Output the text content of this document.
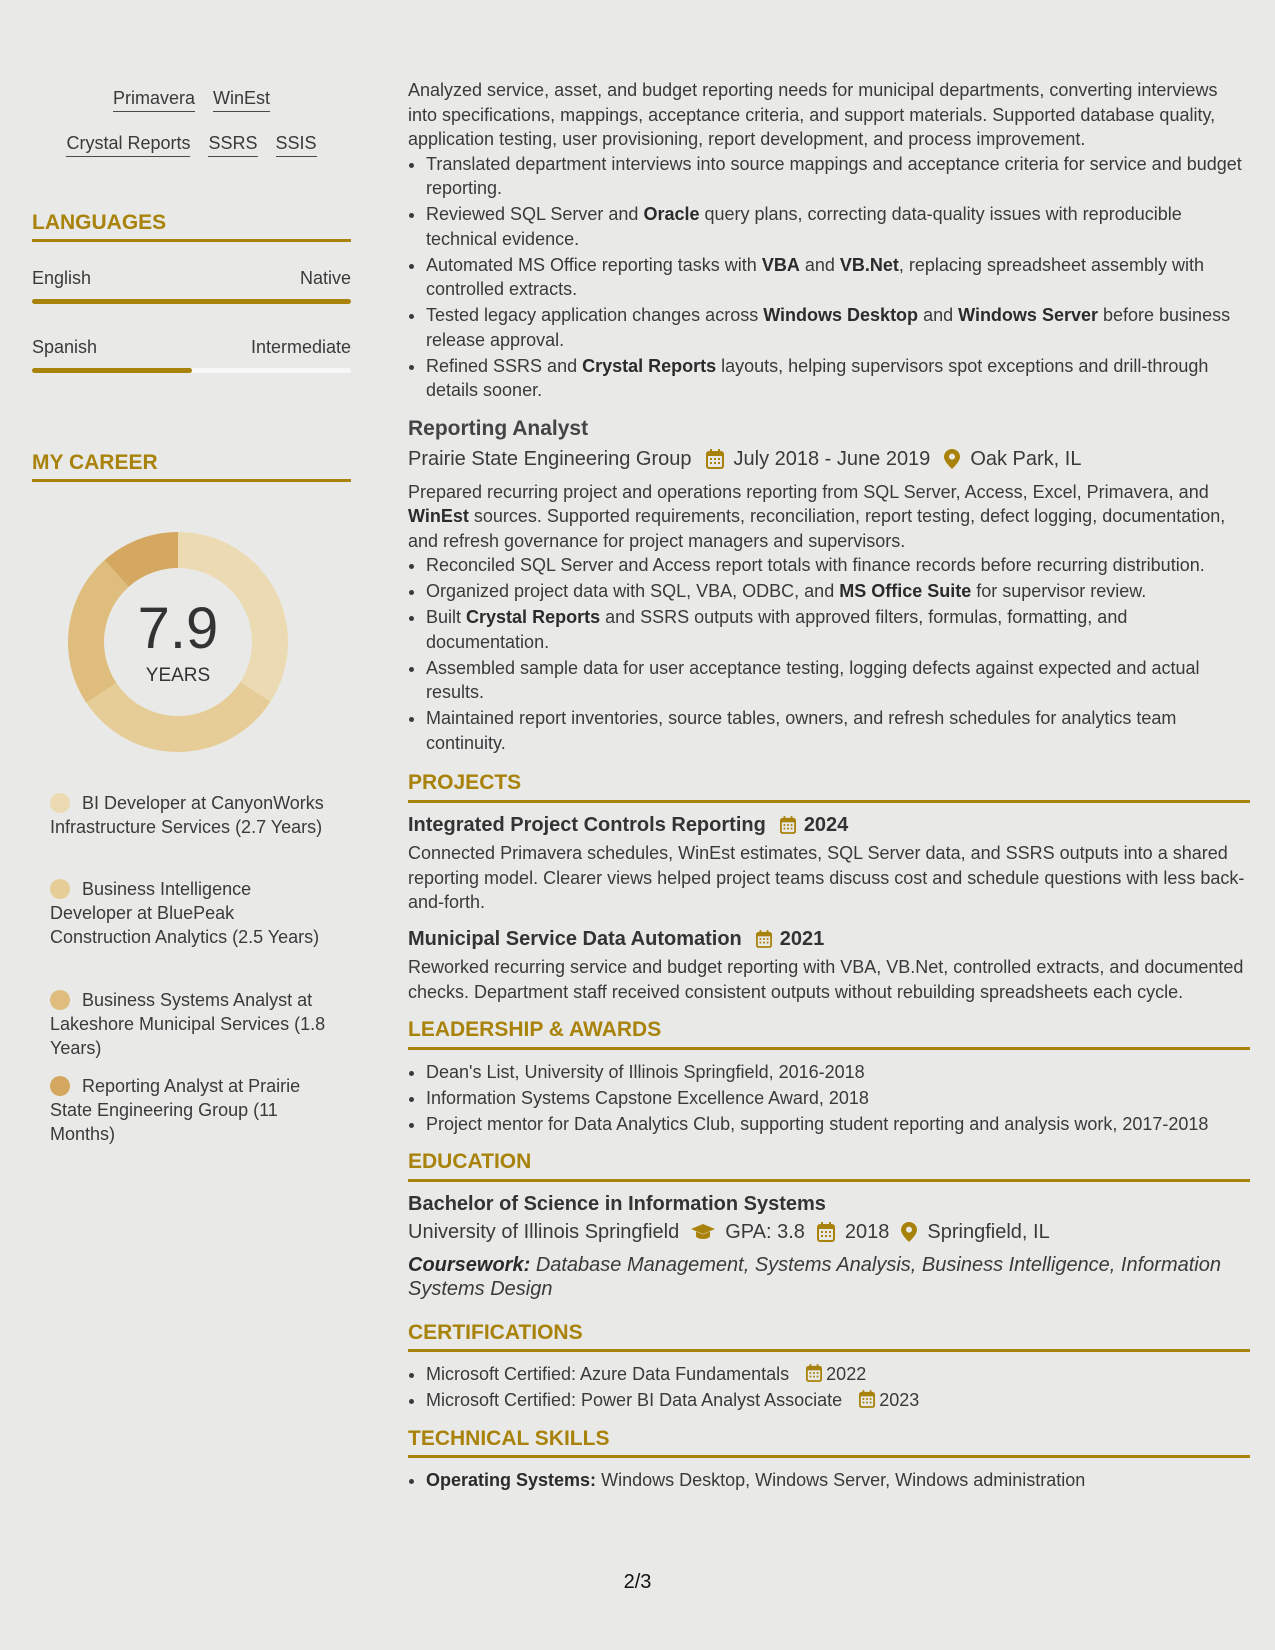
Primavera WinEst
Crystal Reports SSRS SSIS
LANGUAGES
English	Native
Spanish	Intermediate
MY CAREER
7.9
YEARS
BI Developer at CanyonWorks Infrastructure Services (2.7 Years)
Business Intelligence Developer at BluePeak Construction Analytics (2.5 Years)
Business Systems Analyst at Lakeshore Municipal Services (1.8 Years)
Reporting Analyst at Prairie State Engineering Group (11 Months)

Analyzed service, asset, and budget reporting needs for municipal departments, converting interviews into specifications, mappings, acceptance criteria, and support materials. Supported database quality, application testing, user provisioning, report development, and process improvement.

• Translated department interviews into source mappings and acceptance criteria for service and budget reporting.
• Reviewed SQL Server and Oracle query plans, correcting data-quality issues with reproducible technical evidence.
• Automated MS Office reporting tasks with VBA and VB.Net, replacing spreadsheet assembly with controlled extracts.
• Tested legacy application changes across Windows Desktop and Windows Server before business release approval.
• Refined SSRS and Crystal Reports layouts, helping supervisors spot exceptions and drill-through details sooner.
Reporting Analyst
Prairie State Engineering Group July 2018 - June 2019 Oak Park, IL

Prepared recurring project and operations reporting from SQL Server, Access, Excel, Primavera, and WinEst sources. Supported requirements, reconciliation, report testing, defect logging, documentation, and refresh governance for project managers and supervisors.

• Reconciled SQL Server and Access report totals with finance records before recurring distribution.
• Organized project data with SQL, VBA, ODBC, and MS Office Suite for supervisor review.
• Built Crystal Reports and SSRS outputs with approved filters, formulas, formatting, and documentation.
• Assembled sample data for user acceptance testing, logging defects against expected and actual results.
• Maintained report inventories, source tables, owners, and refresh schedules for analytics team continuity.
PROJECTS
Integrated Project Controls Reporting 2024

Connected Primavera schedules, WinEst estimates, SQL Server data, and SSRS outputs into a shared reporting model. Clearer views helped project teams discuss cost and schedule questions with less back-and-forth.

Municipal Service Data Automation 2021

Reworked recurring service and budget reporting with VBA, VB.Net, controlled extracts, and documented checks. Department staff received consistent outputs without rebuilding spreadsheets each cycle.

LEADERSHIP & AWARDS
• Dean's List, University of Illinois Springfield, 2016-2018
• Information Systems Capstone Excellence Award, 2018
• Project mentor for Data Analytics Club, supporting student reporting and analysis work, 2017-2018
EDUCATION
Bachelor of Science in Information Systems
University of Illinois Springfield GPA: 3.8 2018 Springfield, IL

Coursework: Database Management, Systems Analysis, Business Intelligence, Information Systems Design

CERTIFICATIONS
• Microsoft Certified: Azure Data Fundamentals 2022
• Microsoft Certified: Power BI Data Analyst Associate 2023
TECHNICAL SKILLS
• Operating Systems: Windows Desktop, Windows Server, Windows administration
2/3
